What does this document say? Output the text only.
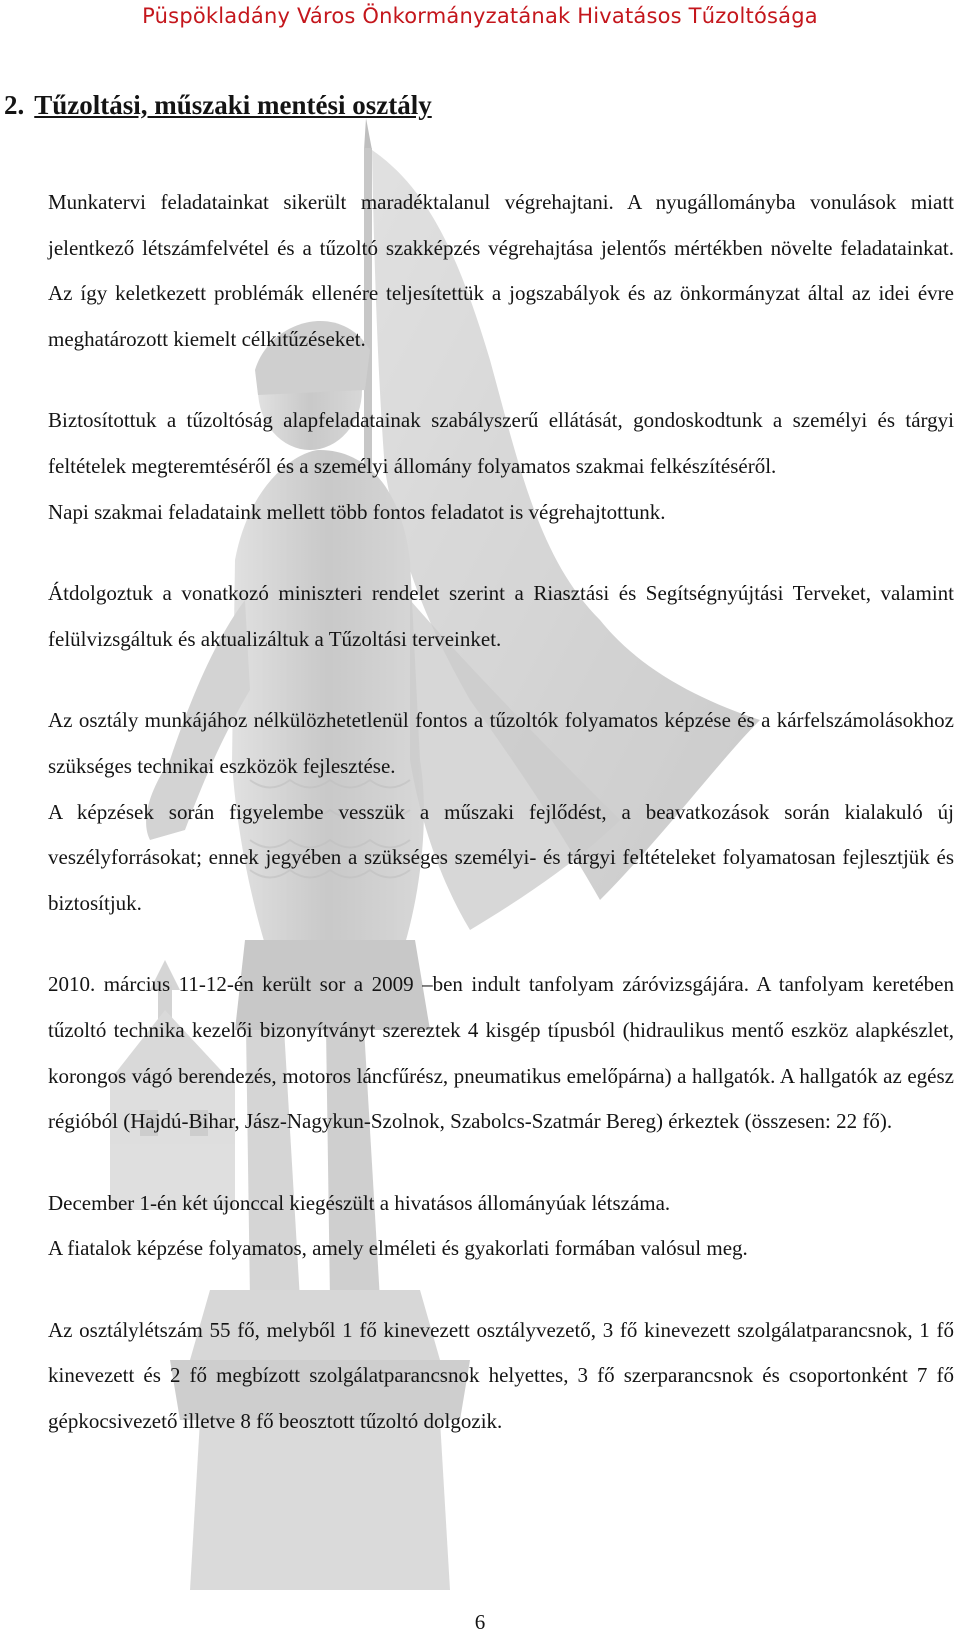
Püspökladány Város Önkormányzatának Hivatásos Tűzoltósága
2. Tűzoltási, műszaki mentési osztály

Munkatervi feladatainkat sikerült maradéktalanul végrehajtani. A nyugállományba vonulások miatt jelentkező létszámfelvétel és a tűzoltó szakképzés végrehajtása jelentős mértékben növelte feladatainkat. Az így keletkezett problémák ellenére teljesítettük a jogszabályok és az önkormányzat által az idei évre meghatározott kiemelt célkitűzéseket.

Biztosítottuk a tűzoltóság alapfeladatainak szabályszerű ellátását, gondoskodtunk a személyi és tárgyi feltételek megteremtéséről és a személyi állomány folyamatos szakmai felkészítéséről.

Napi szakmai feladataink mellett több fontos feladatot is végrehajtottunk.

Átdolgoztuk a vonatkozó miniszteri rendelet szerint a Riasztási és Segítségnyújtási Terveket, valamint felülvizsgáltuk és aktualizáltuk a Tűzoltási terveinket.

Az osztály munkájához nélkülözhetetlenül fontos a tűzoltók folyamatos képzése és a kárfelszámolásokhoz szükséges technikai eszközök fejlesztése.

A képzések során figyelembe vesszük a műszaki fejlődést, a beavatkozások során kialakuló új veszélyforrásokat; ennek jegyében a szükséges személyi- és tárgyi feltételeket folyamatosan fejlesztjük és biztosítjuk.

2010. március 11-12-én került sor a 2009 –ben indult tanfolyam záróvizsgájára. A tanfolyam keretében tűzoltó technika kezelői bizonyítványt szereztek 4 kisgép típusból (hidraulikus mentő eszköz alapkészlet, korongos vágó berendezés, motoros láncfűrész, pneumatikus emelőpárna) a hallgatók. A hallgatók az egész régióból (Hajdú-Bihar, Jász-Nagykun-Szolnok, Szabolcs-Szatmár Bereg) érkeztek (összesen: 22 fő).

December 1-én két újonccal kiegészült a hivatásos állományúak létszáma.

A fiatalok képzése folyamatos, amely elméleti és gyakorlati formában valósul meg.

Az osztálylétszám 55 fő, melyből 1 fő kinevezett osztályvezető, 3 fő kinevezett szolgálatparancsnok, 1 fő kinevezett és 2 fő megbízott szolgálatparancsnok helyettes, 3 fő szerparancsnok és csoportonként 7 fő gépkocsivezető illetve 8 fő beosztott tűzoltó dolgozik.

6
